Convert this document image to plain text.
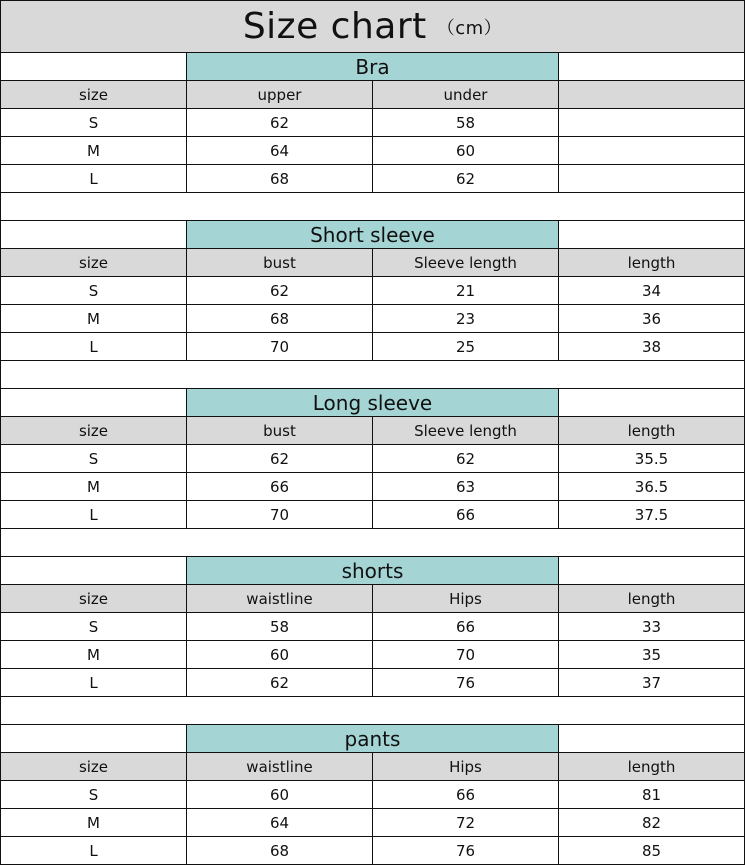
Size chart （cm）
Bra
size	upper	under
S	62	58
M	64	60
L	68	62
Short sleeve
size	bust	Sleeve length	length
S	62	21	34
M	68	23	36
L	70	25	38
Long sleeve
size	bust	Sleeve length	length
S	62	62	35.5
M	66	63	36.5
L	70	66	37.5
shorts
size	waistline	Hips	length
S	58	66	33
M	60	70	35
L	62	76	37
pants
size	waistline	Hips	length
S	60	66	81
M	64	72	82
L	68	76	85
